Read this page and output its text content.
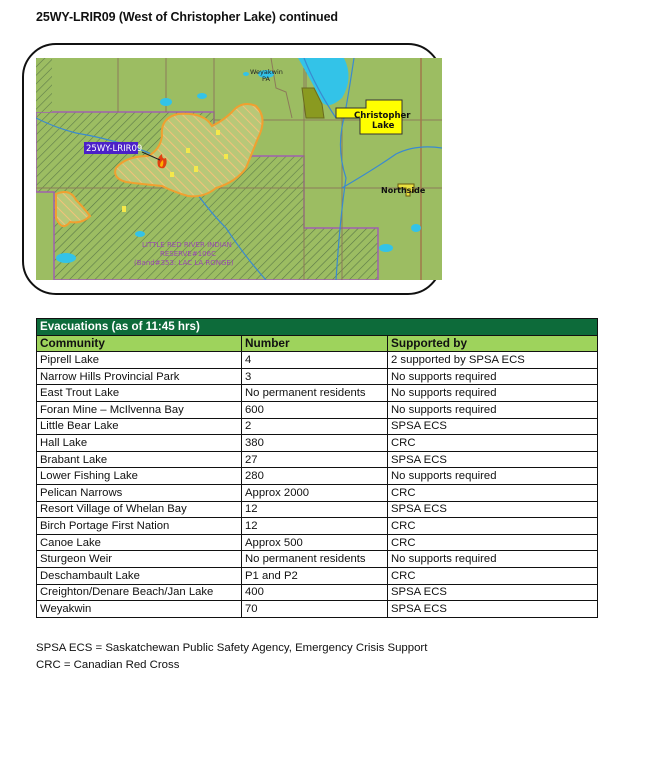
25WY-LRIR09 (West of Christopher Lake) continued
25WY-LRIR09
Christopher
Lake
Weyakwin
PA
Northside
LITTLE RED RIVER INDIAN
RESERVE#106C
(Band#353: LAC LA RONGE)
Evacuations (as of 11:45 hrs)		
Community	Number	Supported by
Piprell Lake	4	2 supported by SPSA ECS
Narrow Hills Provincial Park	3	No supports required
East Trout Lake	No permanent residents	No supports required
Foran Mine – McIlvenna Bay	600	No supports required
Little Bear Lake	2	SPSA ECS
Hall Lake	380	CRC
Brabant Lake	27	SPSA ECS
Lower Fishing Lake	280	No supports required
Pelican Narrows	Approx 2000	CRC
Resort Village of Whelan Bay	12	SPSA ECS
Birch Portage First Nation	12	CRC
Canoe Lake	Approx 500	CRC
Sturgeon Weir	No permanent residents	No supports required
Deschambault Lake	P1 and P2	CRC
Creighton/Denare Beach/Jan Lake	400	SPSA ECS
Weyakwin	70	SPSA ECS
SPSA ECS = Saskatchewan Public Safety Agency, Emergency Crisis Support
CRC = Canadian Red Cross
